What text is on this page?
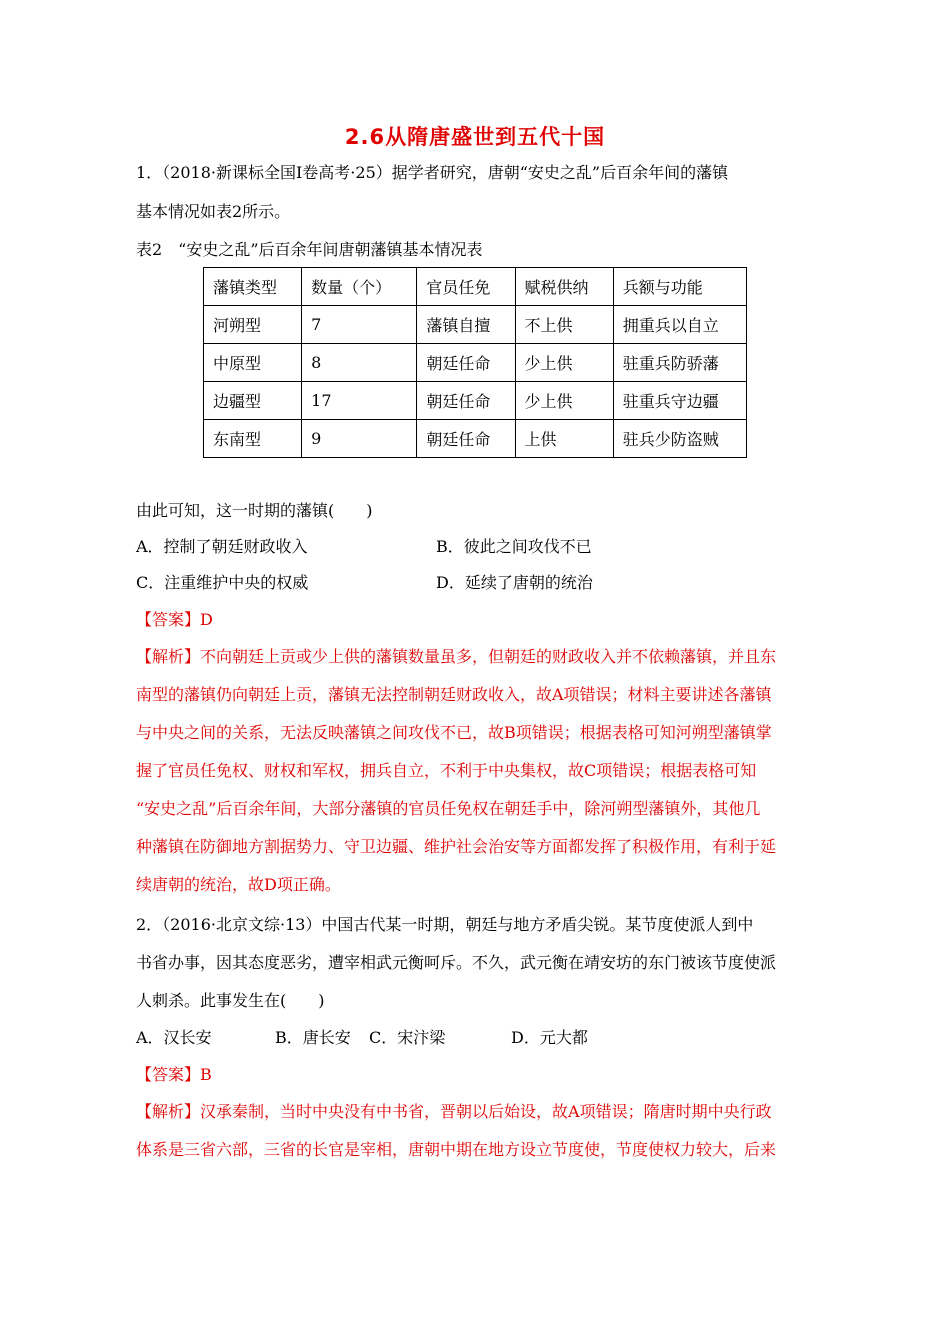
2.6从隋唐盛世到五代十国
1．（2018·新课标全国Ⅰ卷高考·25）据学者研究，唐朝“安史之乱”后百余年间的藩镇
基本情况如表2所示。
表2　“安史之乱”后百余年间唐朝藩镇基本情况表
藩镇类型	数量（个）	官员任免	赋税供纳	兵额与功能
河朔型	7	藩镇自擅	不上供	拥重兵以自立
中原型	8	朝廷任命	少上供	驻重兵防骄藩
边疆型	17	朝廷任命	少上供	驻重兵守边疆
东南型	9	朝廷任命	上供	驻兵少防盗贼
由此可知，这一时期的藩镇(　　)
A．控制了朝廷财政收入	B．彼此之间攻伐不已
C．注重维护中央的权威	D．延续了唐朝的统治
【答案】D
【解析】不向朝廷上贡或少上供的藩镇数量虽多，但朝廷的财政收入并不依赖藩镇，并且东
南型的藩镇仍向朝廷上贡，藩镇无法控制朝廷财政收入，故A项错误；材料主要讲述各藩镇
与中央之间的关系，无法反映藩镇之间攻伐不已，故B项错误；根据表格可知河朔型藩镇掌
握了官员任免权、财权和军权，拥兵自立，不利于中央集权，故C项错误；根据表格可知
“安史之乱”后百余年间，大部分藩镇的官员任免权在朝廷手中，除河朔型藩镇外，其他几
种藩镇在防御地方割据势力、守卫边疆、维护社会治安等方面都发挥了积极作用，有利于延
续唐朝的统治，故D项正确。
2．（2016·北京文综·13）中国古代某一时期，朝廷与地方矛盾尖锐。某节度使派人到中
书省办事，因其态度恶劣，遭宰相武元衡呵斥。不久，武元衡在靖安坊的东门被该节度使派
人刺杀。此事发生在(　　)
A．汉长安	B．唐长安 C．宋汴梁	D．元大都
【答案】B
【解析】汉承秦制，当时中央没有中书省，晋朝以后始设，故A项错误；隋唐时期中央行政
体系是三省六部，三省的长官是宰相，唐朝中期在地方设立节度使，节度使权力较大，后来
